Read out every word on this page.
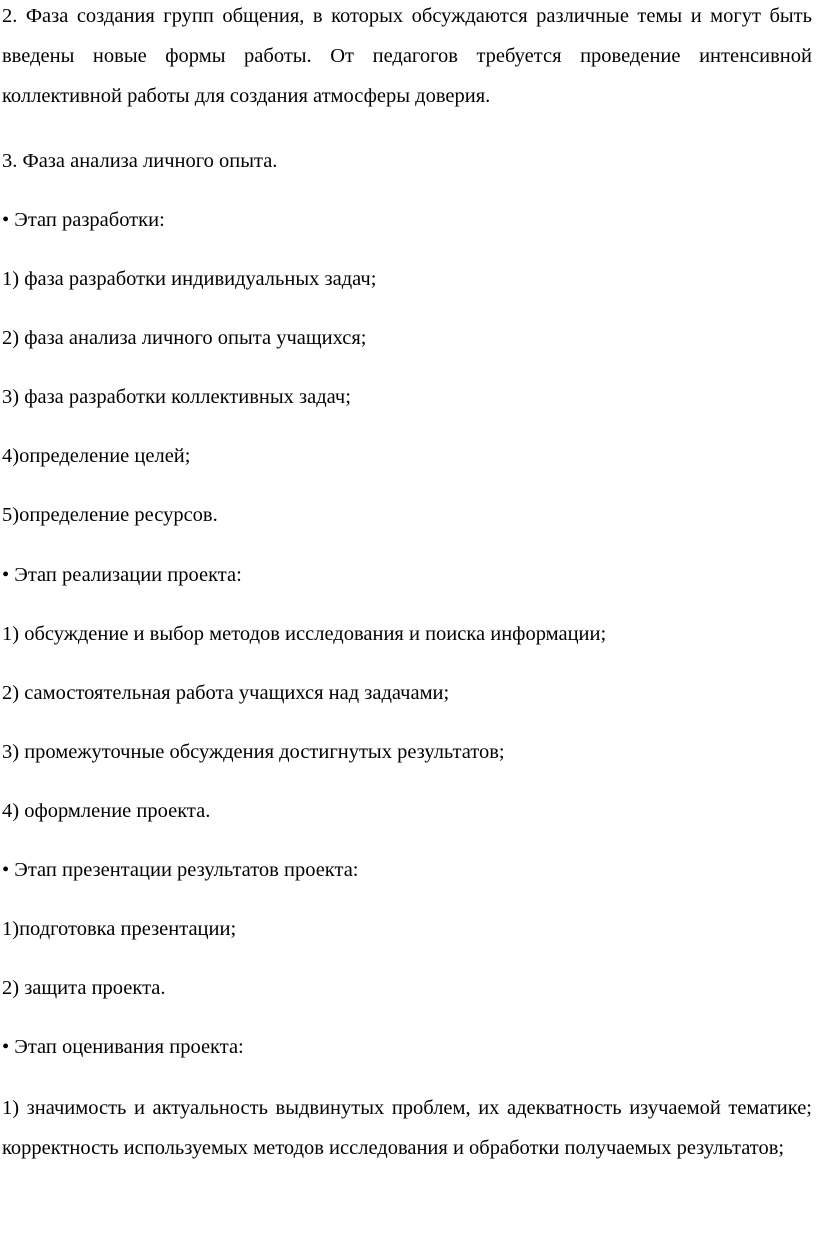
2. Фаза создания групп общения, в которых обсуждаются различные темы и могут быть введены новые формы работы. От педагогов требуется проведение интенсивной коллективной работы для создания атмосферы доверия.

3. Фаза анализа личного опыта.

• Этап разработки:

1) фаза разработки индивидуальных задач;

2) фаза анализа личного опыта учащихся;

3) фаза разработки коллективных задач;

4)определение целей;

5)определение ресурсов.

• Этап реализации проекта:

1) обсуждение и выбор методов исследования и поиска информации;

2) самостоятельная работа учащихся над задачами;

3) промежуточные обсуждения достигнутых результатов;

4) оформление проекта.

• Этап презентации результатов проекта:

1)подготовка презентации;

2) защита проекта.

• Этап оценивания проекта:

1) значимость и актуальность выдвинутых проблем, их адекватность изучаемой тематике; корректность используемых методов исследования и обработки получаемых результатов;
